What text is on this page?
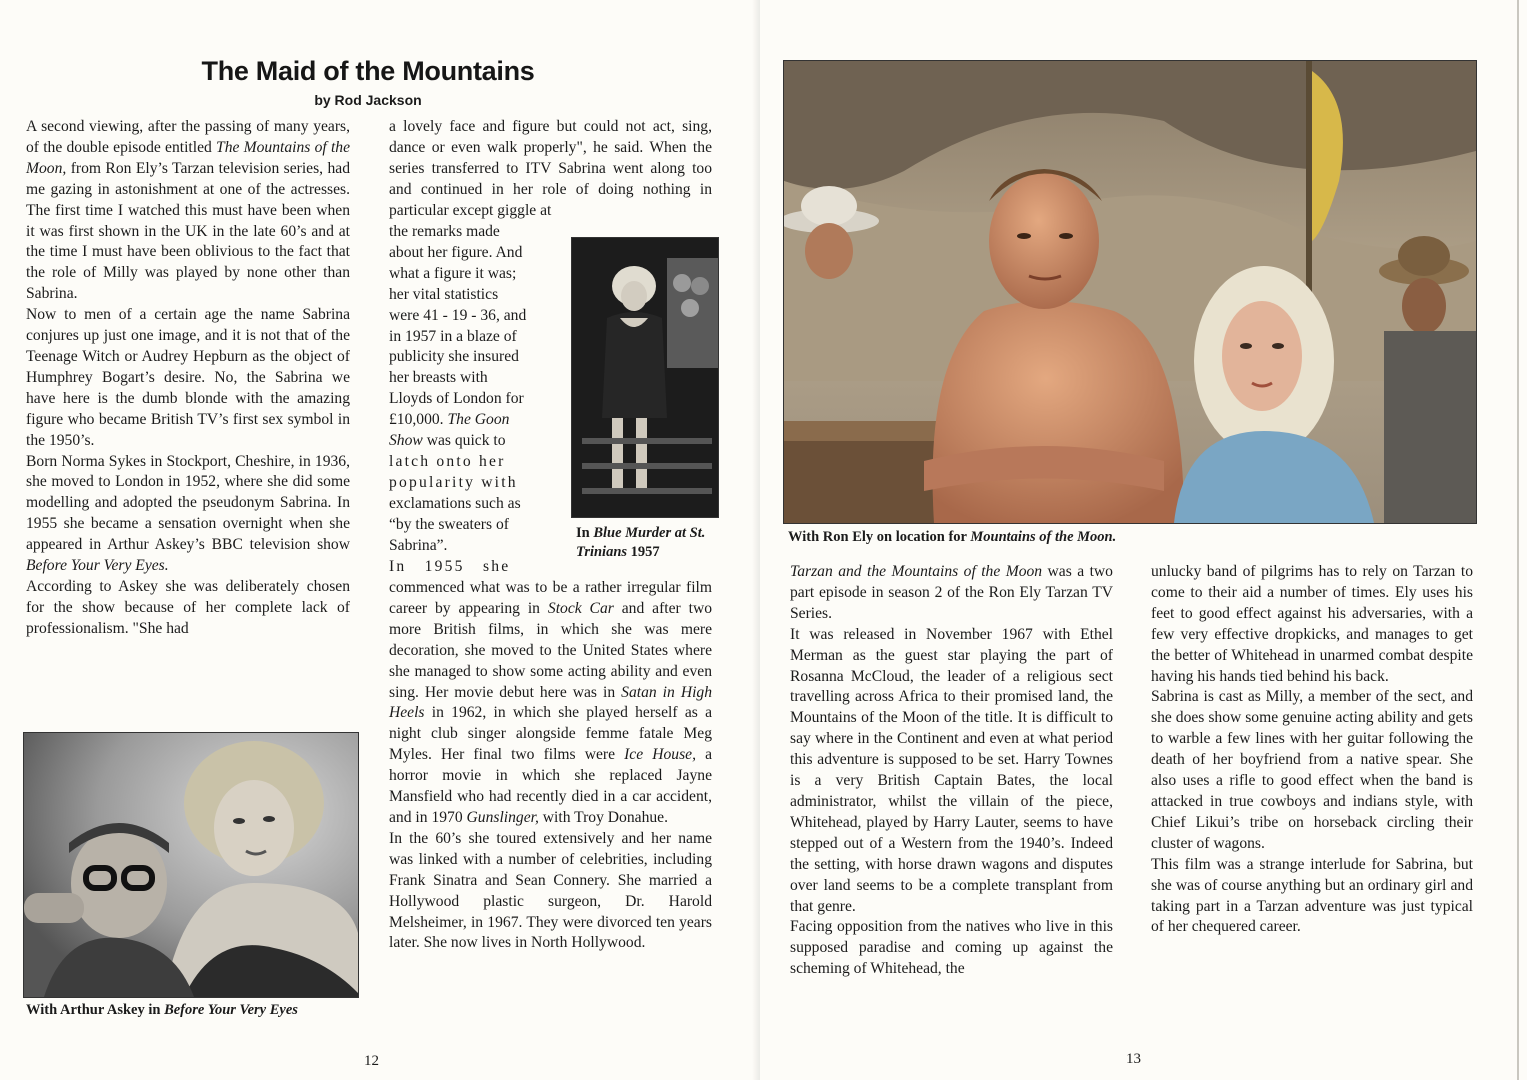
The Maid of the Mountains
by Rod Jackson

A second viewing, after the passing of many years, of the double episode entitled The Mountains of the Moon, from Ron Ely’s Tarzan television series, had me gazing in astonishment at one of the actresses. The first time I watched this must have been when it was first shown in the UK in the late 60’s and at the time I must have been oblivious to the fact that the role of Milly was played by none other than Sabrina.

Now to men of a certain age the name Sabrina conjures up just one image, and it is not that of the Teenage Witch or Audrey Hepburn as the object of Humphrey Bogart’s desire. No, the Sabrina we have here is the dumb blonde with the amazing figure who became British TV’s first sex symbol in the 1950’s.

Born Norma Sykes in Stockport, Cheshire, in 1936, she moved to London in 1952, where she did some modelling and adopted the pseudonym Sabrina. In 1955 she became a sensation overnight when she appeared in Arthur Askey’s BBC television show Before Your Very Eyes.

According to Askey she was deliberately chosen for the show because of her complete lack of professionalism. "She had

With Arthur Askey in Before Your Very Eyes

a lovely face and figure but could not act, sing, dance or even walk properly", he said. When the series transferred to ITV Sabrina went along too and continued in her role of doing nothing in particular except giggle at

the remarks made
about her figure. And
what a figure it was;
her vital statistics
were 41 - 19 - 36, and
in 1957 in a blaze of
publicity she insured
her breasts with
Lloyds of London for
£10,000. The Goon
Show was quick to
latch onto her
popularity with
exclamations such as
“by the sweaters of
Sabrina”.
In   1955   she
In Blue Murder at St. Trinians 1957

commenced what was to be a rather irregular film career by appearing in Stock Car and after two more British films, in which she was mere decoration, she moved to the United States where she managed to show some acting ability and even sing. Her movie debut here was in Satan in High Heels in 1962, in which she played herself as a night club singer alongside femme fatale Meg Myles. Her final two films were Ice House, a horror movie in which she replaced Jayne Mansfield who had recently died in a car accident, and in 1970 Gunslinger, with Troy Donahue.

In the 60’s she toured extensively and her name was linked with a number of celebrities, including Frank Sinatra and Sean Connery. She married a Hollywood plastic surgeon, Dr. Harold Melsheimer, in 1967. They were divorced ten years later. She now lives in North Hollywood.

12
With Ron Ely on location for Mountains of the Moon.

Tarzan and the Mountains of the Moon was a two part episode in season 2 of the Ron Ely Tarzan TV Series.

It was released in November 1967 with Ethel Merman as the guest star playing the part of Rosanna McCloud, the leader of a religious sect travelling across Africa to their promised land, the Mountains of the Moon of the title. It is difficult to say where in the Continent and even at what period this adventure is supposed to be set. Harry Townes is a very British Captain Bates, the local administrator, whilst the villain of the piece, Whitehead, played by Harry Lauter, seems to have stepped out of a Western from the 1940’s. Indeed the setting, with horse drawn wagons and disputes over land seems to be a complete transplant from that genre.

Facing opposition from the natives who live in this supposed paradise and coming up against the scheming of Whitehead, the

unlucky band of pilgrims has to rely on Tarzan to come to their aid a number of times. Ely uses his feet to good effect against his adversaries, with a few very effective dropkicks, and manages to get the better of Whitehead in unarmed combat despite having his hands tied behind his back.

Sabrina is cast as Milly, a member of the sect, and she does show some genuine acting ability and gets to warble a few lines with her guitar following the death of her boyfriend from a native spear. She also uses a rifle to good effect when the band is attacked in true cowboys and indians style, with Chief Likui’s tribe on horseback circling their cluster of wagons.

This film was a strange interlude for Sabrina, but she was of course anything but an ordinary girl and taking part in a Tarzan adventure was just typical of her chequered career.

13
